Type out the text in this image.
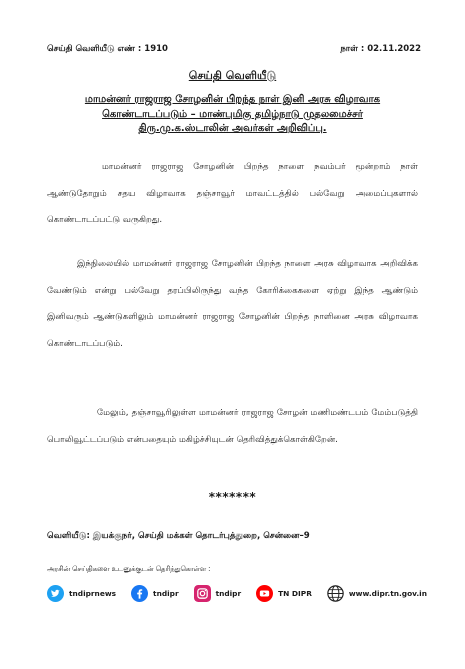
செய்தி வெளியீடு எண் : 1910	நாள் : 02.11.2022
செய்தி வெளியீடு
மாமன்னர் ராஜராஜ சோழனின் பிறந்த நாள் இனி அரசு விழாவாக
கொண்டாடப்படும் – மாண்புமிகு தமிழ்நாடு முதலமைச்சர்
திரு.மு.க.ஸ்டாலின் அவர்கள் அறிவிப்பு.
மாமன்னர் ராஜராஜ சோழனின் பிறந்த நாளை நவம்பர் மூன்றாம் நாள் ஆண்டுதோறும் சதய விழாவாக தஞ்சாவூர் மாவட்டத்தில் பல்வேறு அமைப்புகளால் கொண்டாடப்பட்டு வருகிறது.
இந்நிலையில் மாமன்னர் ராஜராஜ சோழனின் பிறந்த நாளை அரசு விழாவாக அறிவிக்க வேண்டும் என்று பல்வேறு தரப்பிலிருந்து வந்த கோரிக்கைகளை ஏற்று இந்த ஆண்டும் இனிவரும் ஆண்டுகளிலும் மாமன்னர் ராஜராஜ சோழனின் பிறந்த நாளினை அரசு விழாவாக கொண்டாடப்படும்.
மேலும், தஞ்சாவூரிலுள்ள மாமன்னர் ராஜராஜ சோழன் மணிமண்டபம் மேம்படுத்தி பொலிவூட்டப்படும் என்பதையும் மகிழ்ச்சியுடன் தெரிவித்துக்கொள்கிறேன்.
*******
வெளியீடு: இயக்குநர், செய்தி மக்கள் தொடர்புத்துறை, சென்னை–9
அரசின் செய்திகளை உடனுக்குடன் தெரிந்துகொள்ள :
tndiprnews	tndipr	tndipr	TN DIPR	www.dipr.tn.gov.in
